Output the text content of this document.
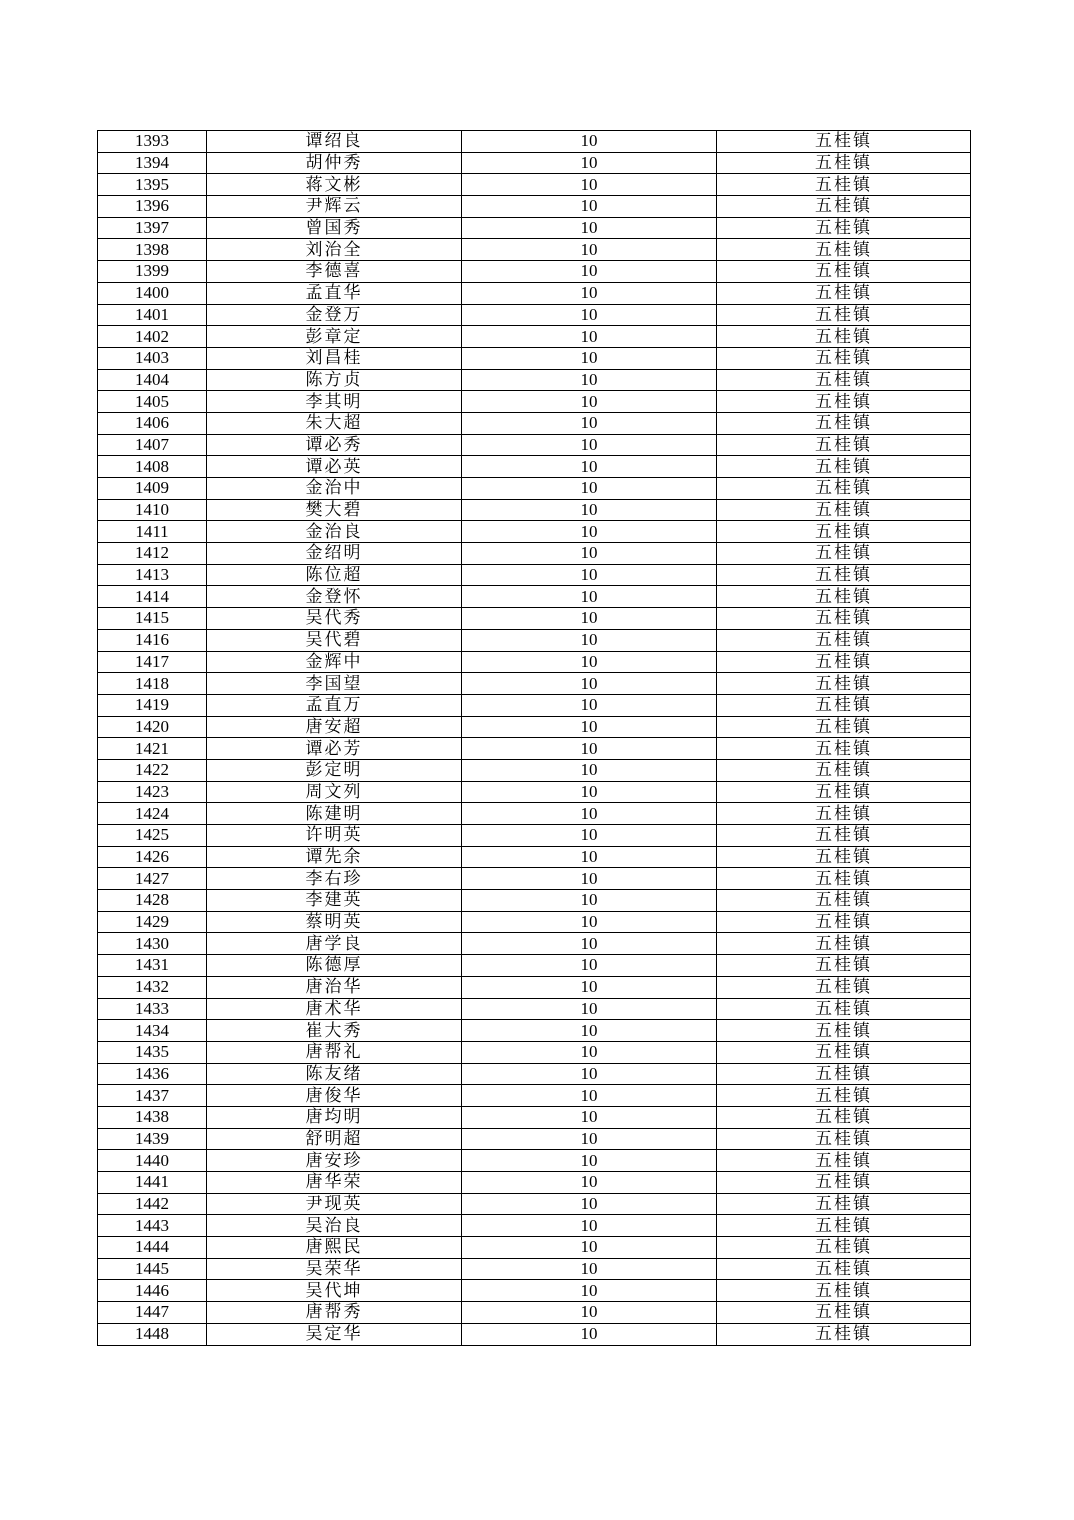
1393	谭绍良	10	五桂镇
1394	胡仲秀	10	五桂镇
1395	蒋文彬	10	五桂镇
1396	尹辉云	10	五桂镇
1397	曾国秀	10	五桂镇
1398	刘治全	10	五桂镇
1399	李德喜	10	五桂镇
1400	孟直华	10	五桂镇
1401	金登万	10	五桂镇
1402	彭章定	10	五桂镇
1403	刘昌桂	10	五桂镇
1404	陈方贞	10	五桂镇
1405	李其明	10	五桂镇
1406	朱大超	10	五桂镇
1407	谭必秀	10	五桂镇
1408	谭必英	10	五桂镇
1409	金治中	10	五桂镇
1410	樊大碧	10	五桂镇
1411	金治良	10	五桂镇
1412	金绍明	10	五桂镇
1413	陈位超	10	五桂镇
1414	金登怀	10	五桂镇
1415	吴代秀	10	五桂镇
1416	吴代碧	10	五桂镇
1417	金辉中	10	五桂镇
1418	李国望	10	五桂镇
1419	孟直万	10	五桂镇
1420	唐安超	10	五桂镇
1421	谭必芳	10	五桂镇
1422	彭定明	10	五桂镇
1423	周文列	10	五桂镇
1424	陈建明	10	五桂镇
1425	许明英	10	五桂镇
1426	谭先余	10	五桂镇
1427	李右珍	10	五桂镇
1428	李建英	10	五桂镇
1429	蔡明英	10	五桂镇
1430	唐学良	10	五桂镇
1431	陈德厚	10	五桂镇
1432	唐治华	10	五桂镇
1433	唐术华	10	五桂镇
1434	崔大秀	10	五桂镇
1435	唐帮礼	10	五桂镇
1436	陈友绪	10	五桂镇
1437	唐俊华	10	五桂镇
1438	唐均明	10	五桂镇
1439	舒明超	10	五桂镇
1440	唐安珍	10	五桂镇
1441	唐华荣	10	五桂镇
1442	尹现英	10	五桂镇
1443	吴治良	10	五桂镇
1444	唐熙民	10	五桂镇
1445	吴荣华	10	五桂镇
1446	吴代坤	10	五桂镇
1447	唐帮秀	10	五桂镇
1448	吴定华	10	五桂镇
